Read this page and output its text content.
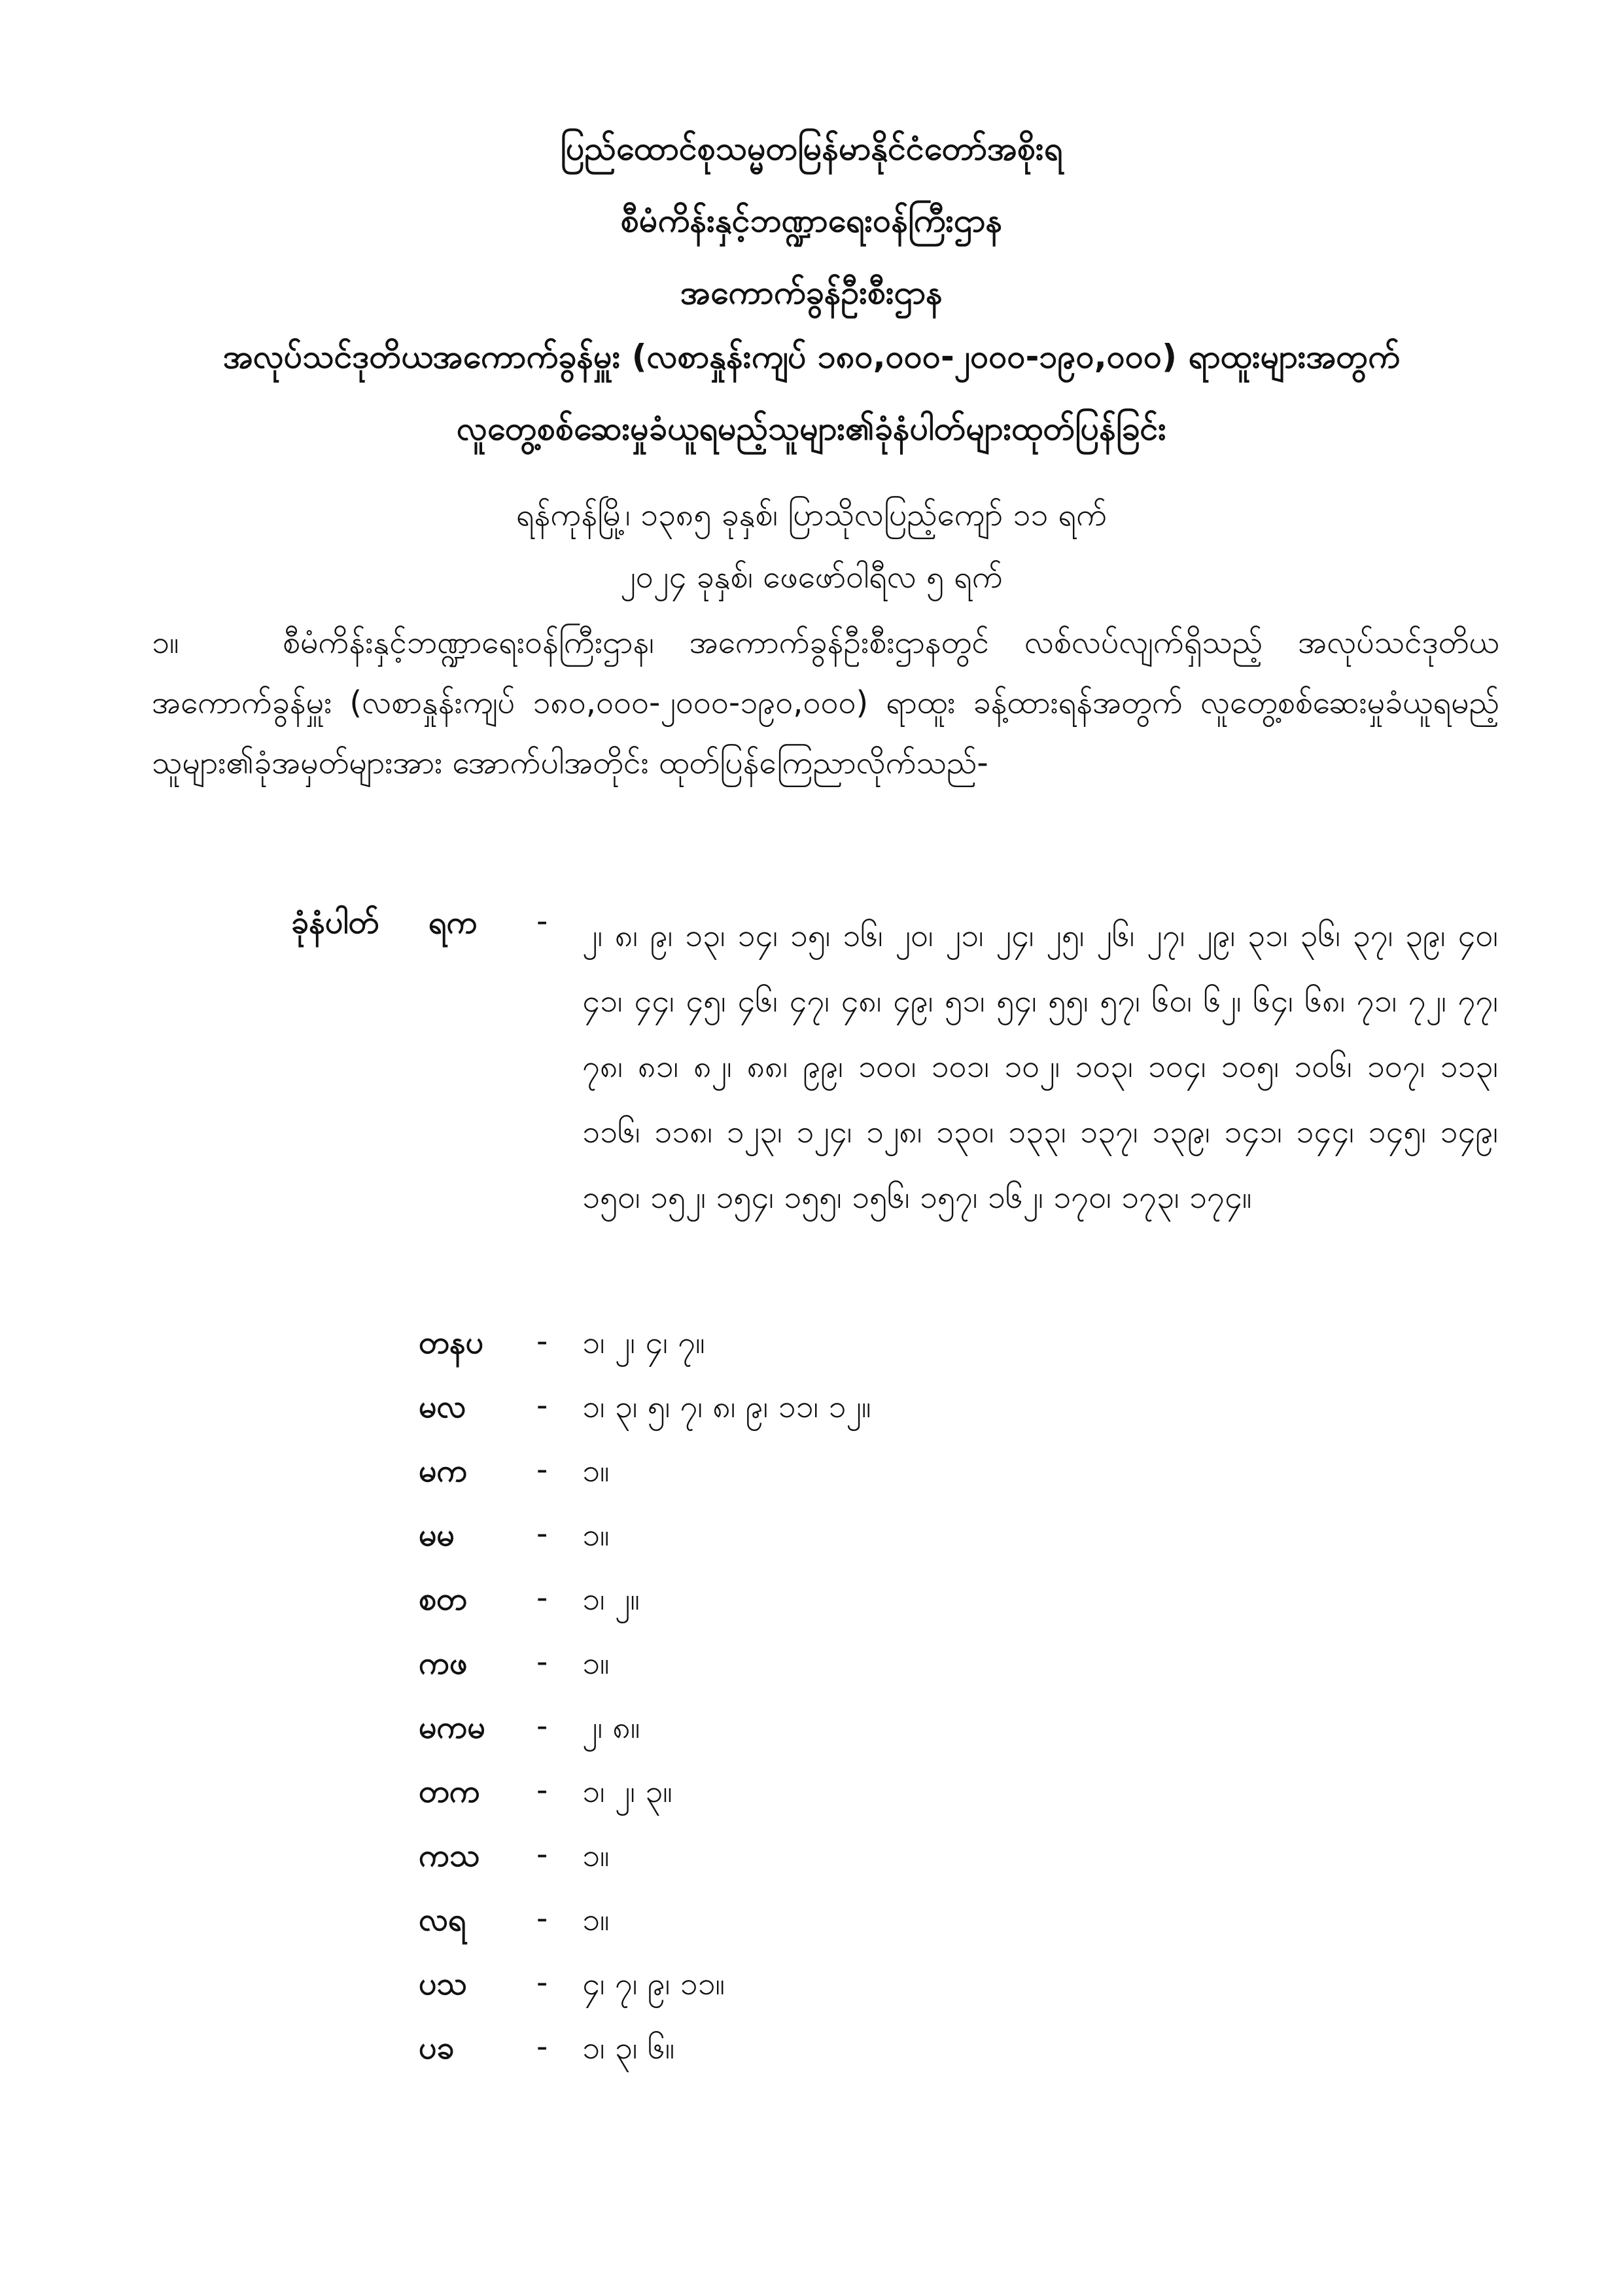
ပြည်ထောင်စုသမ္မတမြန်မာနိုင်ငံတော်အစိုးရ
စီမံကိန်းနှင့်ဘဏ္ဍာရေးဝန်ကြီးဌာန
အကောက်ခွန်ဦးစီးဌာန
အလုပ်သင်ဒုတိယအကောက်ခွန်မှူး (လစာနှုန်းကျပ် ၁၈၀,၀၀၀-၂၀၀၀-၁၉၀,၀၀၀) ရာထူးများအတွက်
လူတွေ့စစ်ဆေးမှုခံယူရမည့်သူများ၏ခုံနံပါတ်များထုတ်ပြန်ခြင်း
ရန်ကုန်မြို့၊ ၁၃၈၅ ခုနှစ်၊ ပြာသိုလပြည့်ကျော် ၁၁ ရက်
၂၀၂၄ ခုနှစ်၊ ဖေဖော်ဝါရီလ ၅ ရက်
၁။	စီမံကိန်းနှင့်ဘဏ္ဍာရေးဝန်ကြီးဌာန၊ အကောက်ခွန်ဦးစီးဌာနတွင် လစ်လပ်လျက်ရှိသည့် အလုပ်သင်ဒုတိယအကောက်ခွန်မှူး (လစာနှုန်းကျပ် ၁၈၀,၀၀၀-၂၀၀၀-၁၉၀,၀၀၀) ရာထူး ခန့်ထားရန်အတွက် လူတွေ့စစ်ဆေးမှုခံယူရမည့်သူများ၏ခုံအမှတ်များအား အောက်ပါအတိုင်း ထုတ်ပြန်ကြေညာလိုက်သည်-
ခုံနံပါတ် ရက - ၂၊ ၈၊ ၉၊ ၁၃၊ ၁၄၊ ၁၅၊ ၁၆၊ ၂၀၊ ၂၁၊ ၂၄၊ ၂၅၊ ၂၆၊ ၂၇၊ ၂၉၊ ၃၁၊ ၃၆၊ ၃၇၊ ၃၉၊ ၄၀၊ ၄၁၊ ၄၄၊ ၄၅၊ ၄၆၊ ၄၇၊ ၄၈၊ ၄၉၊ ၅၁၊ ၅၄၊ ၅၅၊ ၅၇၊ ၆၀၊ ၆၂၊ ၆၄၊ ၆၈၊ ၇၁၊ ၇၂၊ ၇၇၊ ၇၈၊ ၈၁၊ ၈၂၊ ၈၈၊ ၉၉၊ ၁၀၀၊ ၁၀၁၊ ၁၀၂၊ ၁၀၃၊ ၁၀၄၊ ၁၀၅၊ ၁၀၆၊ ၁၀၇၊ ၁၁၃၊ ၁၁၆၊ ၁၁၈၊ ၁၂၃၊ ၁၂၄၊ ၁၂၈၊ ၁၃၀၊ ၁၃၃၊ ၁၃၇၊ ၁၃၉၊ ၁၄၁၊ ၁၄၄၊ ၁၄၅၊ ၁၄၉၊ ၁၅၀၊ ၁၅၂၊ ၁၅၄၊ ၁၅၅၊ ၁၅၆၊ ၁၅၇၊ ၁၆၂၊ ၁၇၀၊ ၁၇၃၊ ၁၇၄။
တနပ - ၁၊ ၂၊ ၄၊ ၇။
မလ - ၁၊ ၃၊ ၅၊ ၇၊ ၈၊ ၉၊ ၁၁၊ ၁၂။
မက - ၁။
မမ	- ၁။
စတ - ၁၊ ၂။
ကဖ - ၁။
မကမ - ၂၊ ၈။
တက - ၁၊ ၂၊ ၃။
ကသ - ၁။
လရ - ၁။
ပသ - ၄၊ ၇၊ ၉၊ ၁၁။
ပခ	- ၁၊ ၃၊ ၆။
